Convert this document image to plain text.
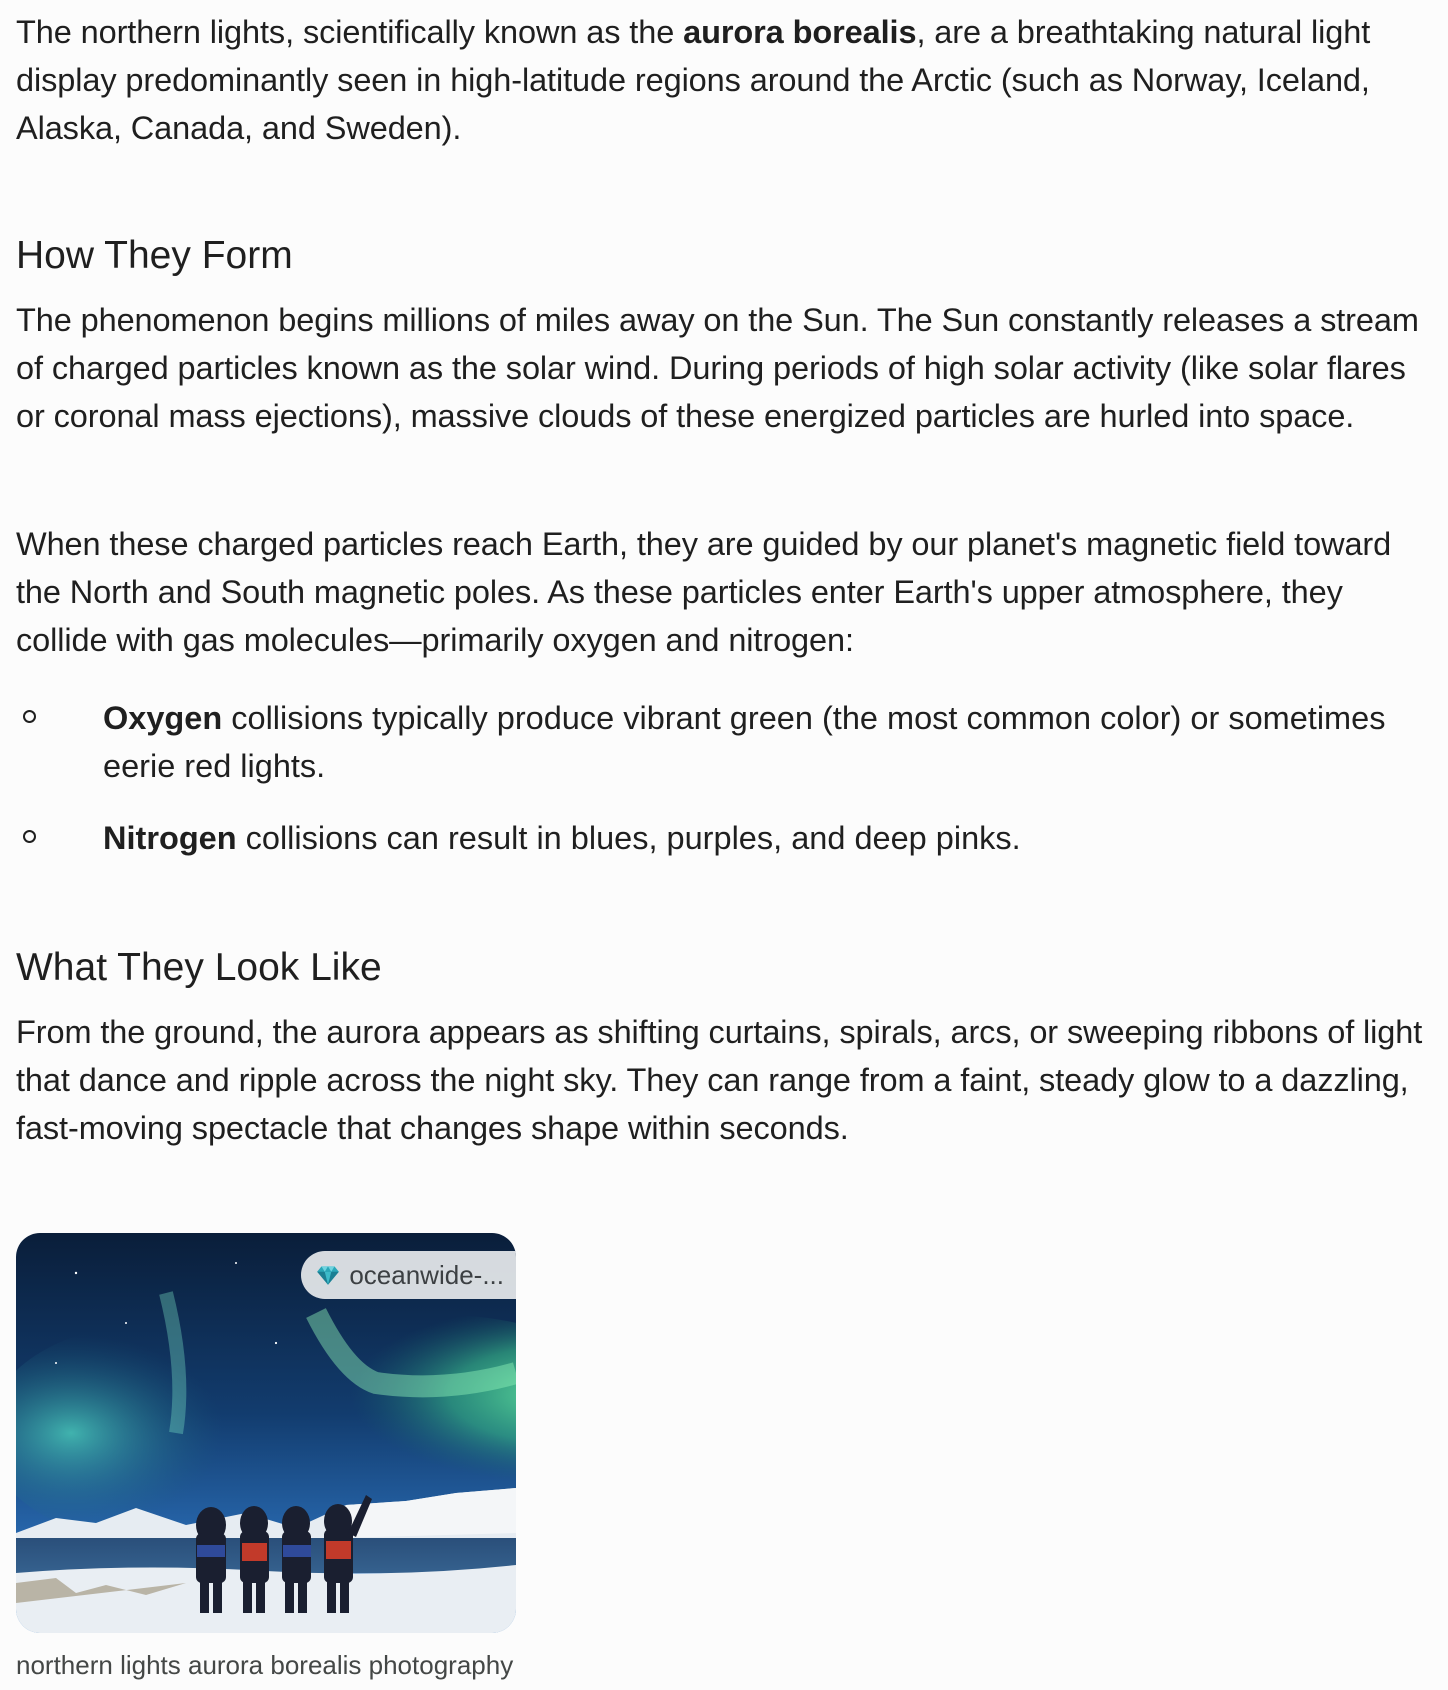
The northern lights, scientifically known as the aurora borealis, are a breathtaking natural light display predominantly seen in high-latitude regions around the Arctic (such as Norway, Iceland, Alaska, Canada, and Sweden).

How They Form

The phenomenon begins millions of miles away on the Sun. The Sun constantly releases a stream of charged particles known as the solar wind. During periods of high solar activity (like solar flares or coronal mass ejections), massive clouds of these energized particles are hurled into space.

When these charged particles reach Earth, they are guided by our planet's magnetic field toward the North and South magnetic poles. As these particles enter Earth's upper atmosphere, they collide with gas molecules—primarily oxygen and nitrogen:

Oxygen collisions typically produce vibrant green (the most common color) or sometimes eerie red lights.
Nitrogen collisions can result in blues, purples, and deep pinks.
What They Look Like

From the ground, the aurora appears as shifting curtains, spirals, arcs, or sweeping ribbons of light that dance and ripple across the night sky. They can range from a faint, steady glow to a dazzling, fast-moving spectacle that changes shape within seconds.

oceanwide-...
northern lights aurora borealis photography
